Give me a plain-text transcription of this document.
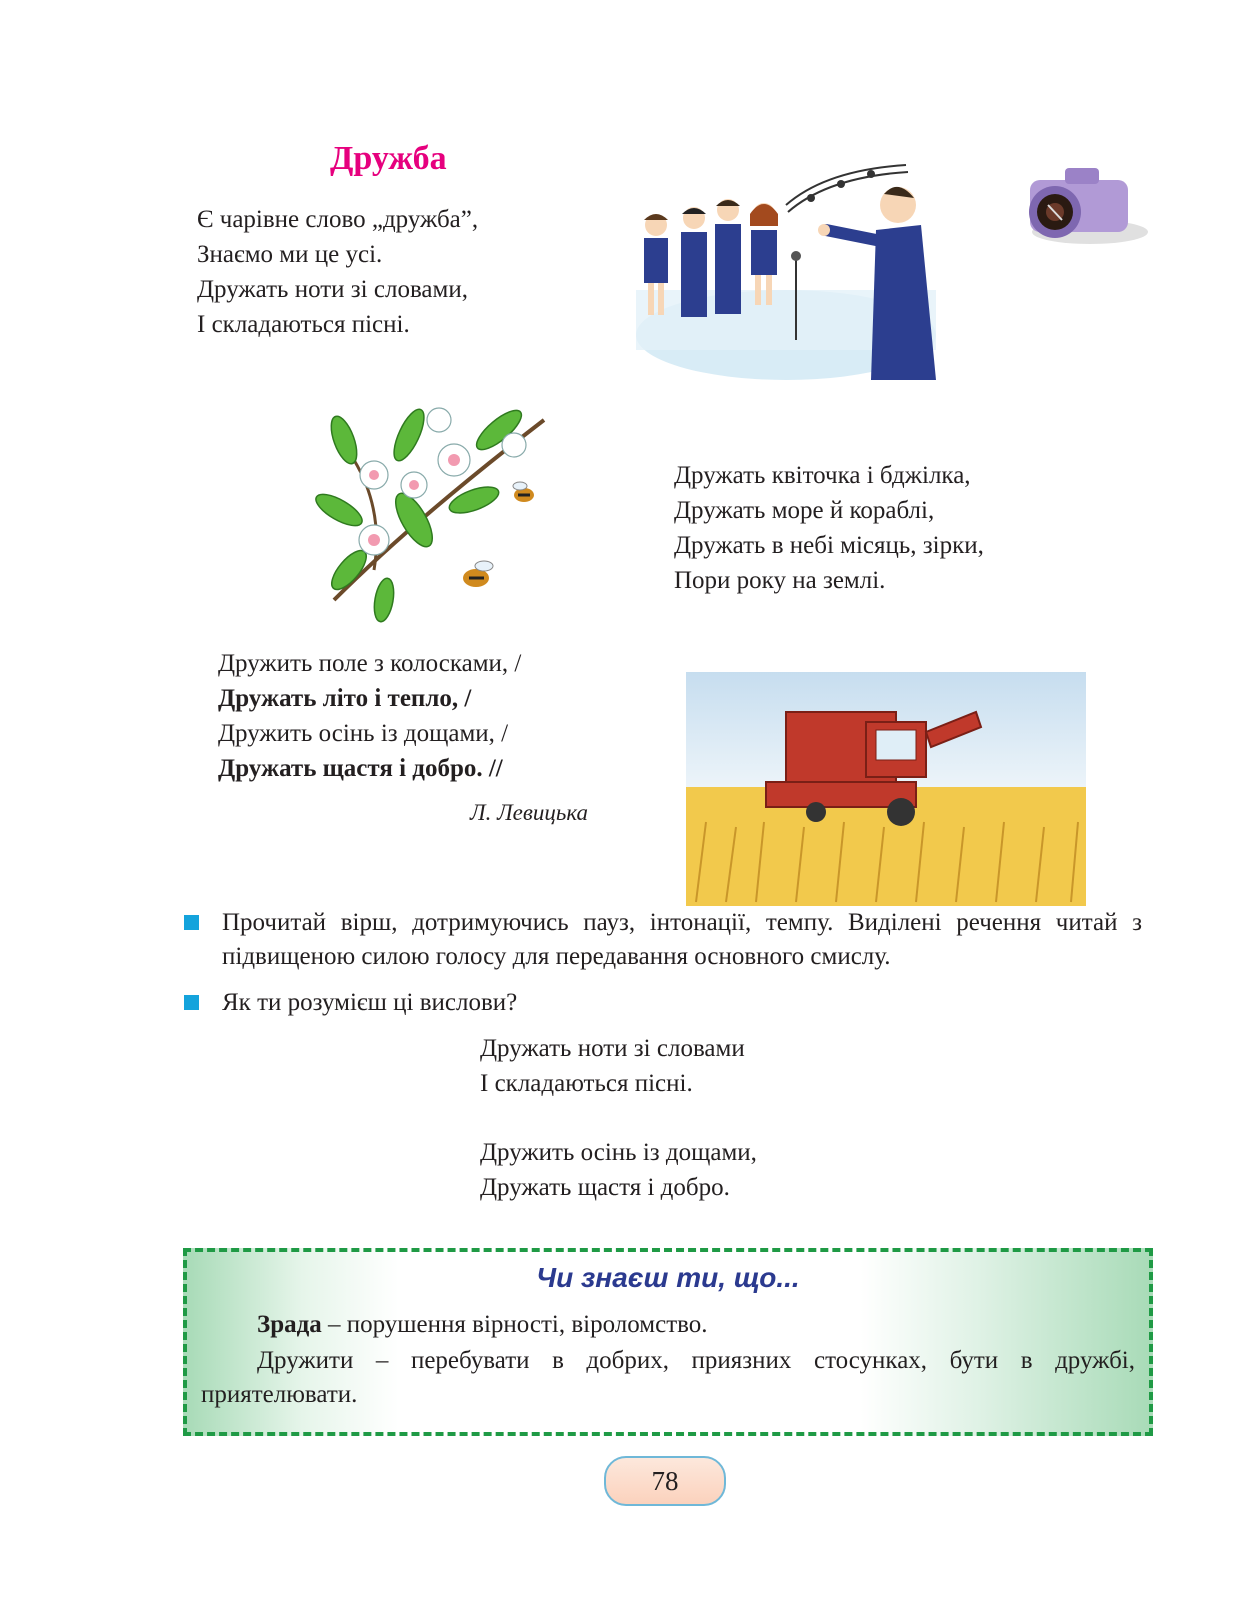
Дружба
Є чарівне слово „дружба”,
Знаємо ми це усі.
Дружать ноти зі словами,
І складаються пісні.
Дружать квіточка і бджілка,
Дружать море й кораблі,
Дружать в небі місяць, зірки,
Пори року на землі.
Дружить поле з колосками, /
Дружать літо і тепло, /
Дружить осінь із дощами, /
Дружать щастя і добро. //
Л. Левицька
Прочитай вірш, дотримуючись пауз, інтонації, темпу. Виділені речення читай з підвищеною силою голосу для передавання основного смислу.
Як ти розумієш ці вислови?
Дружать ноти зі словами
І складаються пісні.
Дружить осінь із дощами,
Дружать щастя і добро.
Чи знаєш ти, що...
Зрада – порушення вірності, віроломство.
Дружити – перебувати в добрих, приязних стосунках, бути в дружбі, приятелювати.
78
